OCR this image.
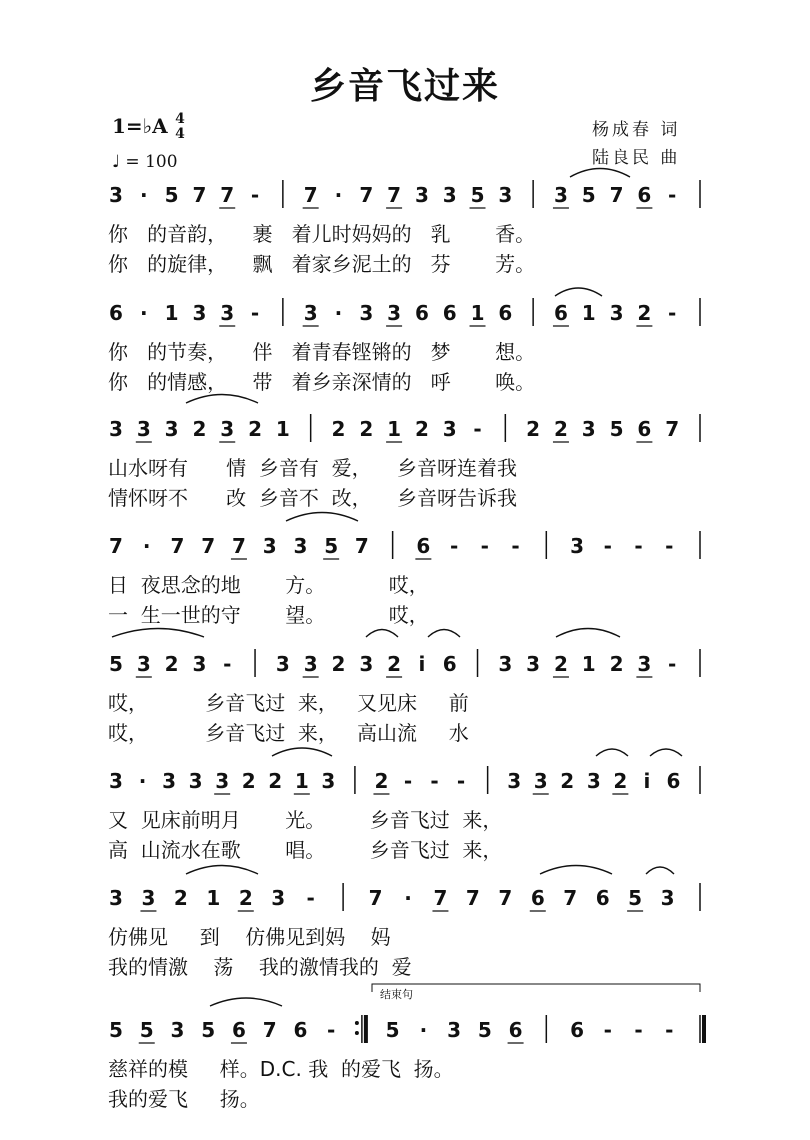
乡音飞过来
1=♭A 4
4
♩ = 100
杨成春 词
陆良民 曲
结束句
3 · 5 7 7 - 7 · 7 7 3 3 5 3 3 5 7 6 -
你   的音韵，    裹   着儿时妈妈的   乳       香。
你   的旋律，    飘   着家乡泥土的   芬       芳。
6 · 1 3 3 - 3 · 3 3 6 6 1 6 6 1 3 2 -
你   的节奏，    伴   着青春铿锵的   梦       想。
你   的情感，    带   着乡亲深情的   呼       唤。
3 3 3 2 3 2 1 2 2 1 2 3 - 2 2 3 5 6 7
山水呀有      情  乡音有  爱，    乡音呀连着我
情怀呀不      改  乡音不  改，    乡音呀告诉我
7 · 7 7 7 3 3 5 7 6 - - -	3 - - -
日  夜思念的地       方。          哎，
一  生一世的守       望。          哎，
5 3 2 3 - 3 3 2 3 2 i 6 3 3 2 1 2 3 -
哎，         乡音飞过  来，   又见床     前
哎，         乡音飞过  来，   高山流     水
3 · 3 3 3 2 2 1 3 2 - - - 3 3 2 3 2 i 6
又  见床前明月       光。       乡音飞过  来，
高  山流水在歌       唱。       乡音飞过  来，
3 3 2 1 2 3 -	7 · 7 7 7 6 7 6 5 3
仿佛见     到    仿佛见到妈    妈
我的情激    荡    我的激情我的  爱
5 5 3 5 6 7 6 -	5 · 3 5 6 6 - - -
慈祥的模     样。D.C. 我  的爱飞  扬。
我的爱飞     扬。
